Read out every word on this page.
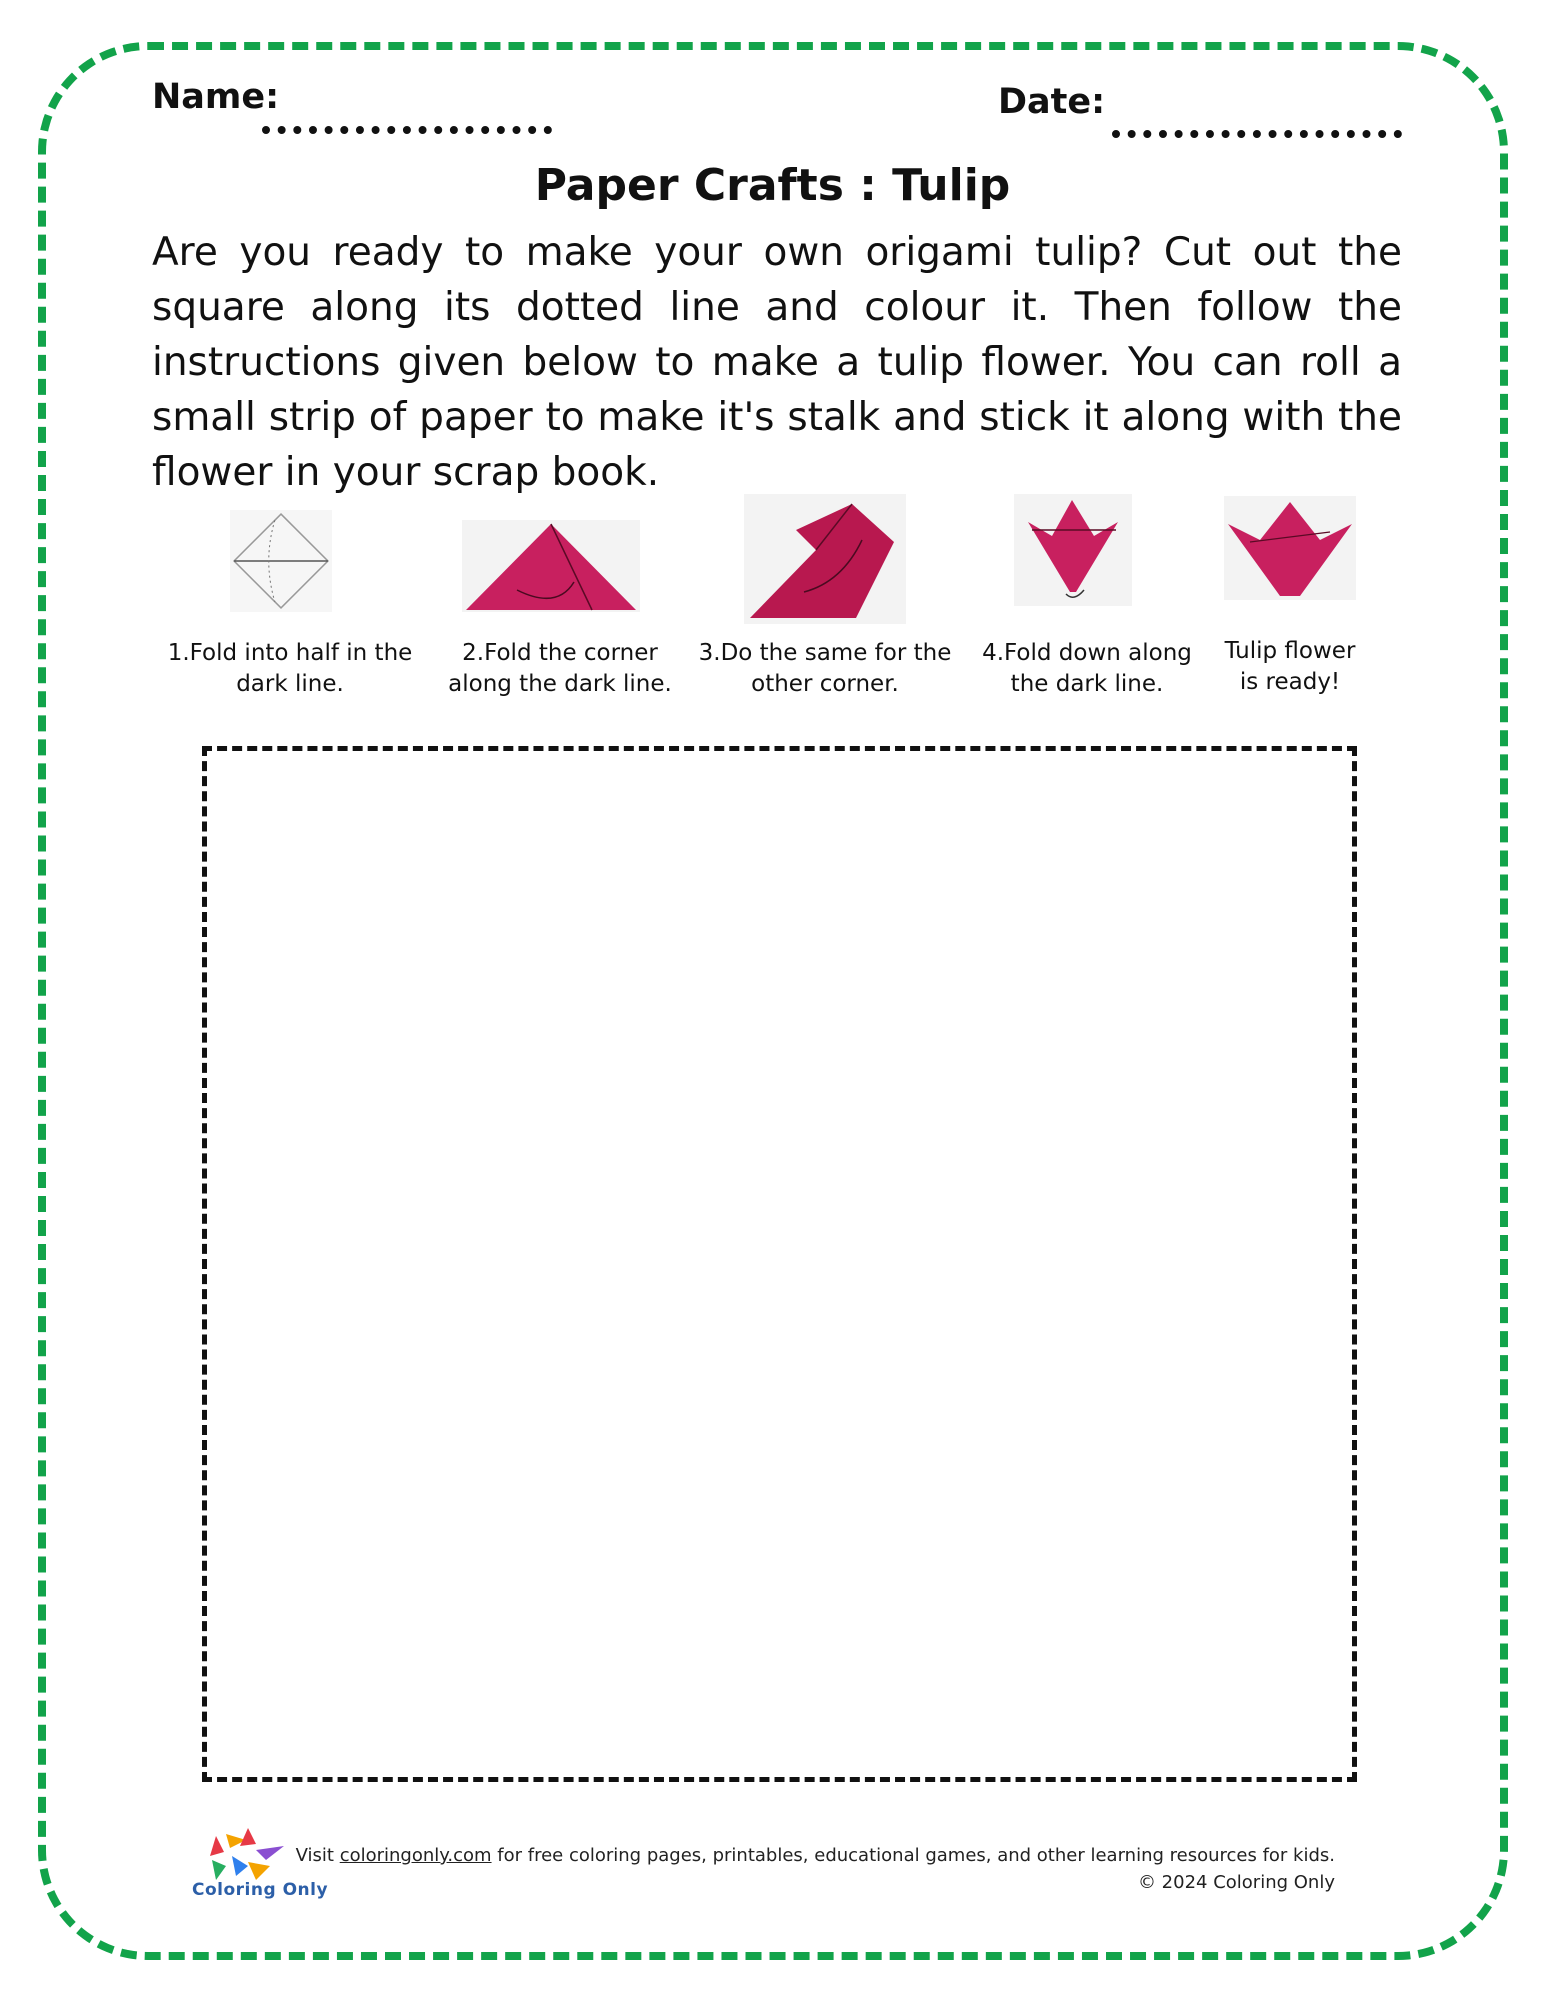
Name:	Date:
Paper Crafts : Tulip

Are you ready to make your own origami tulip? Cut out the square along its dotted line and colour it. Then follow the instructions given below to make a tulip flower. You can roll a small strip of paper to make it's stalk and stick it along with the flower in your scrap book.

1.Fold into half in the
dark line.
2.Fold the corner
along the dark line.
3.Do the same for the
other corner.
4.Fold down along
the dark line.
Tulip flower
is ready!
Coloring Only
Visit coloringonly.com for free coloring pages, printables, educational games, and other learning resources for kids.
© 2024 Coloring Only
